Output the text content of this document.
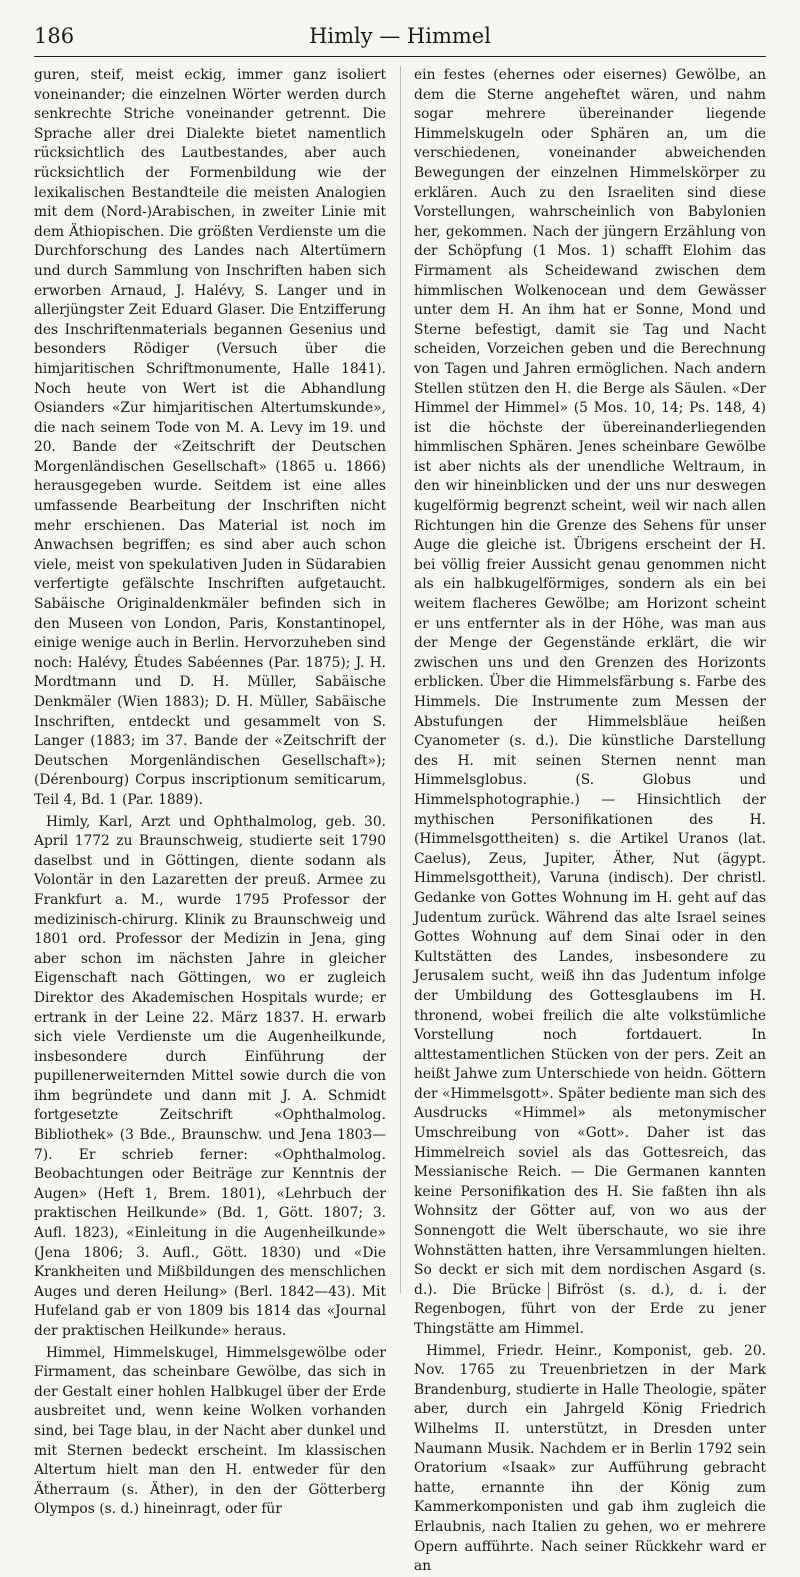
186	Himly — Himmel

guren, steif, meist eckig, immer ganz isoliert voneinander; die einzelnen Wörter werden durch senkrechte Striche voneinander getrennt. Die Sprache aller drei Dialekte bietet namentlich rücksichtlich des Lautbestandes, aber auch rücksichtlich der Formenbildung wie der lexikalischen Bestandteile die meisten Analogien mit dem (Nord-)Arabischen, in zweiter Linie mit dem Äthiopischen. Die größten Verdienste um die Durchforschung des Landes nach Altertümern und durch Sammlung von Inschriften haben sich erworben Arnaud, J. Halévy, S. Langer und in allerjüngster Zeit Eduard Glaser. Die Entzifferung des Inschriftenmaterials begannen Gesenius und besonders Rödiger (Versuch über die himjaritischen Schriftmonumente, Halle 1841). Noch heute von Wert ist die Abhandlung Osianders «Zur himjaritischen Altertumskunde», die nach seinem Tode von M. A. Levy im 19. und 20. Bande der «Zeitschrift der Deutschen Morgenländischen Gesellschaft» (1865 u. 1866) herausgegeben wurde. Seitdem ist eine alles umfassende Bearbeitung der Inschriften nicht mehr erschienen. Das Material ist noch im Anwachsen begriffen; es sind aber auch schon viele, meist von spekulativen Juden in Südarabien verfertigte gefälschte Inschriften aufgetaucht. Sabäische Originaldenkmäler befinden sich in den Museen von London, Paris, Konstantinopel, einige wenige auch in Berlin. Hervorzuheben sind noch: Halévy, Études Sabéennes (Par. 1875); J. H. Mordtmann und D. H. Müller, Sabäische Denkmäler (Wien 1883); D. H. Müller, Sabäische Inschriften, entdeckt und gesammelt von S. Langer (1883; im 37. Bande der «Zeitschrift der Deutschen Morgenländischen Gesellschaft»); (Dérenbourg) Corpus inscriptionum semiticarum, Teil 4, Bd. 1 (Par. 1889).

Himly, Karl, Arzt und Ophthalmolog, geb. 30. April 1772 zu Braunschweig, studierte seit 1790 daselbst und in Göttingen, diente sodann als Volontär in den Lazaretten der preuß. Armee zu Frankfurt a. M., wurde 1795 Professor der medizinisch-chirurg. Klinik zu Braunschweig und 1801 ord. Professor der Medizin in Jena, ging aber schon im nächsten Jahre in gleicher Eigenschaft nach Göttingen, wo er zugleich Direktor des Akademischen Hospitals wurde; er ertrank in der Leine 22. März 1837. H. erwarb sich viele Verdienste um die Augenheilkunde, insbesondere durch Einführung der pupillenerweiternden Mittel sowie durch die von ihm begründete und dann mit J. A. Schmidt fortgesetzte Zeitschrift «Ophthalmolog. Bibliothek» (3 Bde., Braunschw. und Jena 1803—7). Er schrieb ferner: «Ophthalmolog. Beobachtungen oder Beiträge zur Kenntnis der Augen» (Heft 1, Brem. 1801), «Lehrbuch der praktischen Heilkunde» (Bd. 1, Gött. 1807; 3. Aufl. 1823), «Einleitung in die Augenheilkunde» (Jena 1806; 3. Aufl., Gött. 1830) und «Die Krankheiten und Mißbildungen des menschlichen Auges und deren Heilung» (Berl. 1842—43). Mit Hufeland gab er von 1809 bis 1814 das «Journal der praktischen Heilkunde» heraus.

Himmel, Himmelskugel, Himmelsgewölbe oder Firmament, das scheinbare Gewölbe, das sich in der Gestalt einer hohlen Halbkugel über der Erde ausbreitet und, wenn keine Wolken vorhanden sind, bei Tage blau, in der Nacht aber dunkel und mit Sternen bedeckt erscheint. Im klassischen Altertum hielt man den H. entweder für den Ätherraum (s. Äther), in den der Götterberg Olympos (s. d.) hineinragt, oder für

ein festes (ehernes oder eisernes) Gewölbe, an dem die Sterne angeheftet wären, und nahm sogar mehrere übereinander liegende Himmelskugeln oder Sphären an, um die verschiedenen, voneinander abweichenden Bewegungen der einzelnen Himmelskörper zu erklären. Auch zu den Israeliten sind diese Vorstellungen, wahrscheinlich von Babylonien her, gekommen. Nach der jüngern Erzählung von der Schöpfung (1 Mos. 1) schafft Elohim das Firmament als Scheidewand zwischen dem himmlischen Wolkenocean und dem Gewässer unter dem H. An ihm hat er Sonne, Mond und Sterne befestigt, damit sie Tag und Nacht scheiden, Vorzeichen geben und die Berechnung von Tagen und Jahren ermöglichen. Nach andern Stellen stützen den H. die Berge als Säulen. «Der Himmel der Himmel» (5 Mos. 10, 14; Ps. 148, 4) ist die höchste der übereinanderliegenden himmlischen Sphären. Jenes scheinbare Gewölbe ist aber nichts als der unendliche Weltraum, in den wir hineinblicken und der uns nur deswegen kugelförmig begrenzt scheint, weil wir nach allen Richtungen hin die Grenze des Sehens für unser Auge die gleiche ist. Übrigens erscheint der H. bei völlig freier Aussicht genau genommen nicht als ein halbkugelförmiges, sondern als ein bei weitem flacheres Gewölbe; am Horizont scheint er uns entfernter als in der Höhe, was man aus der Menge der Gegenstände erklärt, die wir zwischen uns und den Grenzen des Horizonts erblicken. Über die Himmelsfärbung s. Farbe des Himmels. Die Instrumente zum Messen der Abstufungen der Himmelsbläue heißen Cyanometer (s. d.). Die künstliche Darstellung des H. mit seinen Sternen nennt man Himmelsglobus. (S. Globus und Himmelsphotographie.) — Hinsichtlich der mythischen Personifikationen des H. (Himmelsgottheiten) s. die Artikel Uranos (lat. Caelus), Zeus, Jupiter, Äther, Nut (ägypt. Himmelsgottheit), Varuna (indisch). Der christl. Gedanke von Gottes Wohnung im H. geht auf das Judentum zurück. Während das alte Israel seines Gottes Wohnung auf dem Sinai oder in den Kultstätten des Landes, insbesondere zu Jerusalem sucht, weiß ihn das Judentum infolge der Umbildung des Gottesglaubens im H. thronend, wobei freilich die alte volkstümliche Vorstellung noch fortdauert. In alttestamentlichen Stücken von der pers. Zeit an heißt Jahwe zum Unterschiede von heidn. Göttern der «Himmelsgott». Später bediente man sich des Ausdrucks «Himmel» als metonymischer Umschreibung von «Gott». Daher ist das Himmelreich soviel als das Gottesreich, das Messianische Reich. — Die Germanen kannten keine Personifikation des H. Sie faßten ihn als Wohnsitz der Götter auf, von wo aus der Sonnengott die Welt überschaute, wo sie ihre Wohnstätten hatten, ihre Versammlungen hielten. So deckt er sich mit dem nordischen Asgard (s. d.). Die Brücke Bifröst (s. d.), d. i. der Regenbogen, führt von der Erde zu jener Thingstätte am Himmel.

Himmel, Friedr. Heinr., Komponist, geb. 20. Nov. 1765 zu Treuenbrietzen in der Mark Brandenburg, studierte in Halle Theologie, später aber, durch ein Jahrgeld König Friedrich Wilhelms II. unterstützt, in Dresden unter Naumann Musik. Nachdem er in Berlin 1792 sein Oratorium «Isaak» zur Aufführung gebracht hatte, ernannte ihn der König zum Kammerkomponisten und gab ihm zugleich die Erlaubnis, nach Italien zu gehen, wo er mehrere Opern aufführte. Nach seiner Rückkehr ward er an
